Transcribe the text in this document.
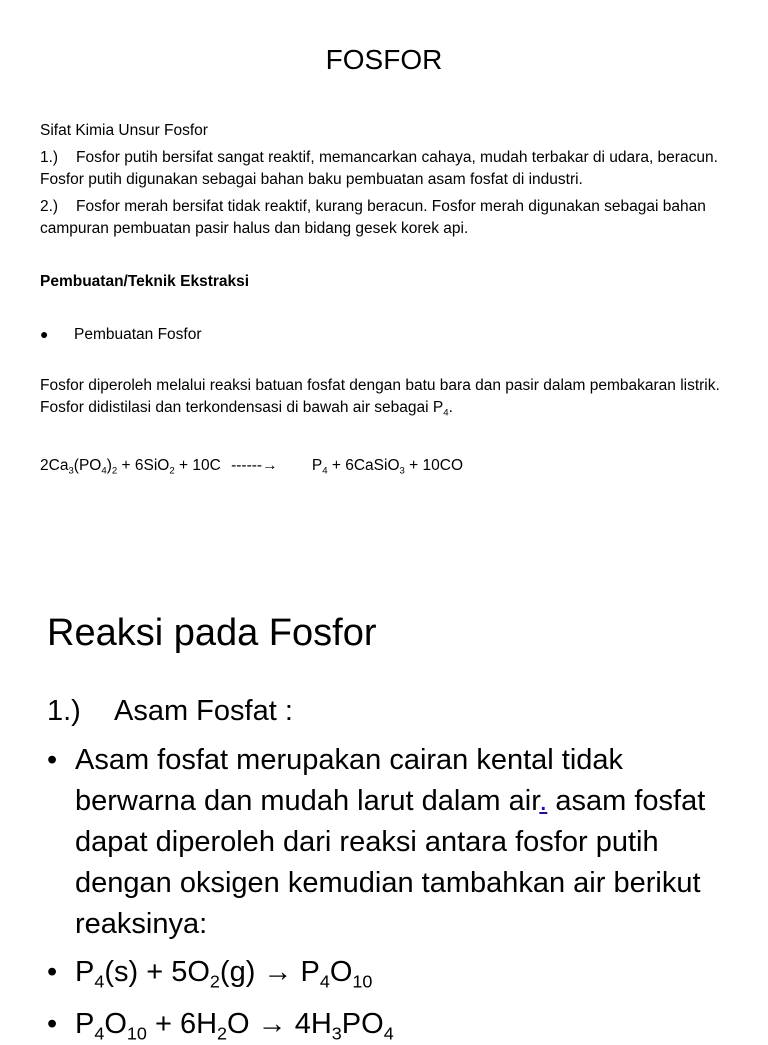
FOSFOR
Sifat Kimia Unsur Fosfor
1.) Fosfor putih bersifat sangat reaktif, memancarkan cahaya, mudah terbakar di udara, beracun. Fosfor putih digunakan sebagai bahan baku pembuatan asam fosfat di industri.
2.) Fosfor merah bersifat tidak reaktif, kurang beracun. Fosfor merah digunakan sebagai bahan campuran pembuatan pasir halus dan bidang gesek korek api.
Pembuatan/Teknik Ekstraksi
● Pembuatan Fosfor
Fosfor diperoleh melalui reaksi batuan fosfat dengan batu bara dan pasir dalam pembakaran listrik. Fosfor didistilasi dan terkondensasi di bawah air sebagai $P_4$.
$2Ca_3(PO_4)_2 + 6SiO_2 + 10C$ ------→ $P_4$ + 6CaSiO$_3$ + 10CO
Reaksi pada Fosfor
1.) Asam Fosfat :
• Asam fosfat merupakan cairan kental tidak berwarna dan mudah larut dalam air. asam fosfat dapat diperoleh dari reaksi antara fosfor putih dengan oksigen kemudian tambahkan air berikut reaksinya:
• $P_4(s) + 5O_2(g) \to P_4O_{10}$
• $P_4O_{10} + 6H_2O \to 4H_3PO_4$
